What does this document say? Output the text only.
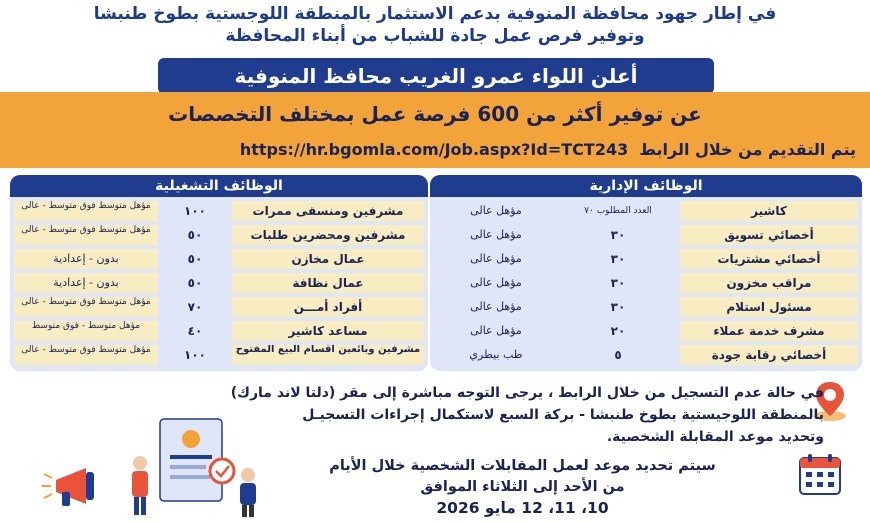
في إطار جهود محافظة المنوفية بدعم الاستثمار بالمنطقة اللوجستية بطوخ طنبشا
وتوفير فرص عمل جادة للشباب من أبناء المحافظة
أعلن اللواء عمرو الغريب محافظ المنوفية
عن توفير أكثر من 600 فرصة عمل بمختلف التخصصات
يتم التقديم من خلال الرابط  https://hr.bgomla.com/Job.aspx?Id=TCT243
الوظائف الإدارية
كاشير
العدد المطلوب ٧٠
مؤهل عالى
أخصائي تسويق
٣٠
مؤهل عالى
أخصائي مشتريات
٣٠
مؤهل عالى
مراقب مخزون
٣٠
مؤهل عالى
مسئول استلام
٣٠
مؤهل عالى
مشرف خدمة عملاء
٢٠
مؤهل عالى
أخصائي رقابة جودة
٥
طب بيطري
الوظائف التشغيلية
مشرفين ومنسقى ممرات
١٠٠
مؤهل متوسط فوق متوسط - عالى
مشرفين ومحضرين طلبات
٥٠
مؤهل متوسط فوق متوسط - عالى
عمال مخازن
٥٠
بدون - إعدادية
عمال نظافة
٥٠
بدون - إعدادية
أفراد أمـــن
٧٠
مؤهل متوسط فوق متوسط - عالى
مساعد كاشير
٤٠
مؤهل متوسط - فوق متوسط
مشرفين وبائعين أقسام البيع المفتوح
١٠٠
مؤهل متوسط فوق متوسط - عالى
في حالة عدم التسجيل من خلال الرابط ، يرجى التوجه مباشرة إلى مقر (دلتا لاند مارك)
بالمنطقة اللوجيستية بطوخ طنبشا - بركة السبع لاستكمال إجراءات التسجيـل
وتحديد موعد المقابلة الشخصية.
سيتم تحديد موعد لعمل المقابلات الشخصية خلال الأيام
من الأحد إلى الثلاثاء الموافق
10، 11، 12 مايو 2026
